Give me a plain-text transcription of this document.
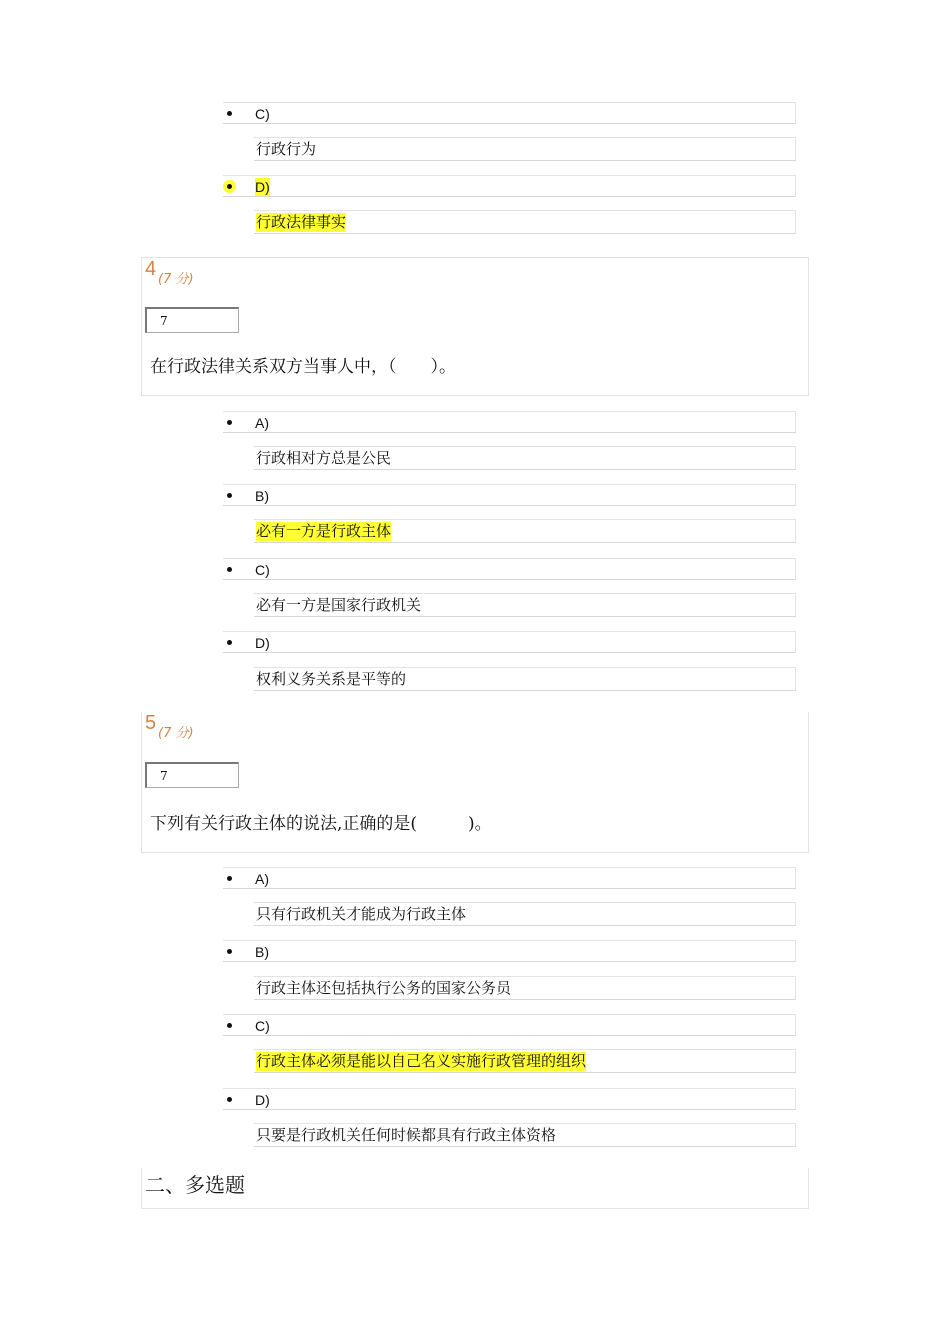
C)
行政行为
D)
行政法律事实
4 (7 分)
7
在行政法律关系双方当事人中，（　　）。
A)
行政相对方总是公民
B)
必有一方是行政主体
C)
必有一方是国家行政机关
D)
权利义务关系是平等的
5 (7 分)
7
下列有关行政主体的说法,正确的是(　　　)。
A)
只有行政机关才能成为行政主体
B)
行政主体还包括执行公务的国家公务员
C)
行政主体必须是能以自己名义实施行政管理的组织
D)
只要是行政机关任何时候都具有行政主体资格
二、多选题
